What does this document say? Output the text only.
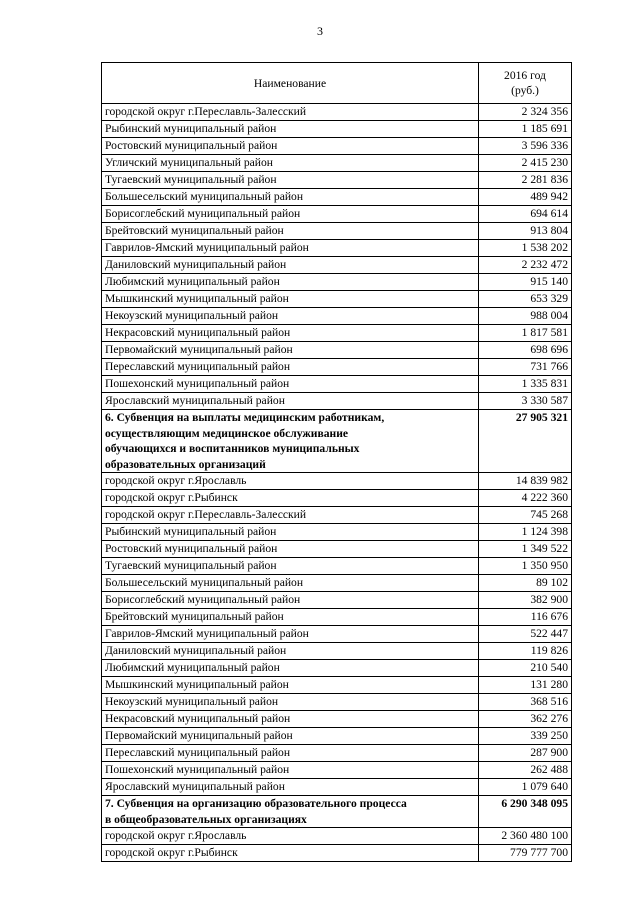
3
Наименование	2016 год
(руб.)
городской округ г.Переславль-Залесский	2 324 356
Рыбинский муниципальный район	1 185 691
Ростовский муниципальный район	3 596 336
Угличский муниципальный район	2 415 230
Тугаевский муниципальный район	2 281 836
Большесельский муниципальный район	489 942
Борисоглебский муниципальный район	694 614
Брейтовский муниципальный район	913 804
Гаврилов-Ямский муниципальный район	1 538 202
Даниловский муниципальный район	2 232 472
Любимский муниципальный район	915 140
Мышкинский муниципальный район	653 329
Некоузский муниципальный район	988 004
Некрасовский муниципальный район	1 817 581
Первомайский муниципальный район	698 696
Переславский муниципальный район	731 766
Пошехонский муниципальный район	1 335 831
Ярославский муниципальный район	3 330 587
6. Субвенция на выплаты медицинским работникам,
осуществляющим медицинское обслуживание
обучающихся и воспитанников муниципальных
образовательных организаций	27 905 321
городской округ г.Ярославль	14 839 982
городской округ г.Рыбинск	4 222 360
городской округ г.Переславль-Залесский	745 268
Рыбинский муниципальный район	1 124 398
Ростовский муниципальный район	1 349 522
Тугаевский муниципальный район	1 350 950
Большесельский муниципальный район	89 102
Борисоглебский муниципальный район	382 900
Брейтовский муниципальный район	116 676
Гаврилов-Ямский муниципальный район	522 447
Даниловский муниципальный район	119 826
Любимский муниципальный район	210 540
Мышкинский муниципальный район	131 280
Некоузский муниципальный район	368 516
Некрасовский муниципальный район	362 276
Первомайский муниципальный район	339 250
Переславский муниципальный район	287 900
Пошехонский муниципальный район	262 488
Ярославский муниципальный район	1 079 640
7. Субвенция на организацию образовательного процесса
в общеобразовательных организациях	6 290 348 095
городской округ г.Ярославль	2 360 480 100
городской округ г.Рыбинск	779 777 700
